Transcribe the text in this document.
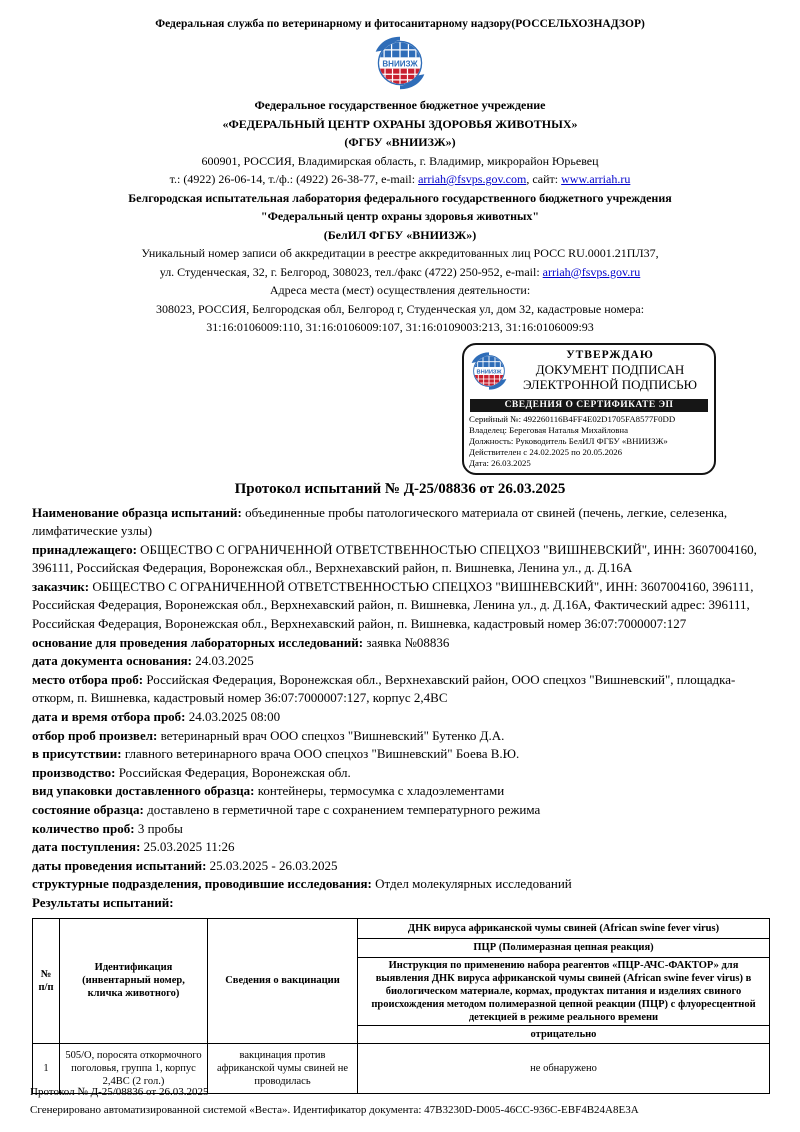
Федеральная служба по ветеринарному и фитосанитарному надзору(РОССЕЛЬХОЗНАДЗОР)
ВНИИЗЖ
Федеральное государственное бюджетное учреждение
«ФЕДЕРАЛЬНЫЙ ЦЕНТР ОХРАНЫ ЗДОРОВЬЯ ЖИВОТНЫХ»
(ФГБУ «ВНИИЗЖ»)
600901, РОССИЯ, Владимирская область, г. Владимир, микрорайон Юрьевец
т.: (4922) 26-06-14, т./ф.: (4922) 26-38-77, e-mail: arriah@fsvps.gov.com, сайт: www.arriah.ru
Белгородская испытательная лаборатория федерального государственного бюджетного учреждения
"Федеральный центр охраны здоровья животных"
(БелИЛ ФГБУ «ВНИИЗЖ»)
Уникальный номер записи об аккредитации в реестре аккредитованных лиц РОСС RU.0001.21ПЛ37,
ул. Студенческая, 32, г. Белгород, 308023, тел./факс (4722) 250-952, e-mail: arriah@fsvps.gov.ru
Адреса места (мест) осуществления деятельности:
308023, РОССИЯ, Белгородская обл, Белгород г, Студенческая ул, дом 32, кадастровые номера:
31:16:0106009:110, 31:16:0106009:107, 31:16:0109003:213, 31:16:0106009:93
ВНИИЗЖ
УТВЕРЖДАЮ
ДОКУМЕНТ ПОДПИСАН
ЭЛЕКТРОННОЙ ПОДПИСЬЮ
СВЕДЕНИЯ О СЕРТИФИКАТЕ ЭП
Серийный №: 492260116B4FF4E02D1705FA8577F0DD
Владелец: Береговая Наталья Михайловна
Должность: Руководитель БелИЛ ФГБУ «ВНИИЗЖ»
Действителен с 24.02.2025 по 20.05.2026
Дата: 26.03.2025
Протокол испытаний № Д-25/08836 от 26.03.2025

Наименование образца испытаний: объединенные пробы патологического материала от свиней (печень, легкие, селезенка, лимфатические узлы)

принадлежащего: ОБЩЕСТВО С ОГРАНИЧЕННОЙ ОТВЕТСТВЕННОСТЬЮ СПЕЦХОЗ "ВИШНЕВСКИЙ", ИНН: 3607004160, 396111, Российская Федерация, Воронежская обл., Верхнехавский район, п. Вишневка, Ленина ул., д. Д.16А

заказчик: ОБЩЕСТВО С ОГРАНИЧЕННОЙ ОТВЕТСТВЕННОСТЬЮ СПЕЦХОЗ "ВИШНЕВСКИЙ", ИНН: 3607004160, 396111, Российская Федерация, Воронежская обл., Верхнехавский район, п. Вишневка, Ленина ул., д. Д.16А, Фактический адрес: 396111, Российская Федерация, Воронежская обл., Верхнехавский район, п. Вишневка, кадастровый номер 36:07:7000007:127

основание для проведения лабораторных исследований: заявка №08836

дата документа основания: 24.03.2025

место отбора проб: Российская Федерация, Воронежская обл., Верхнехавский район, ООО спецхоз "Вишневский", площадка-откорм, п. Вишневка, кадастровый номер 36:07:7000007:127, корпус 2,4ВС

дата и время отбора проб: 24.03.2025 08:00

отбор проб произвел: ветеринарный врач ООО спецхоз "Вишневский" Бутенко Д.А.

в присутствии: главного ветеринарного врача ООО спецхоз "Вишневский" Боева В.Ю.

производство: Российская Федерация, Воронежская обл.

вид упаковки доставленного образца: контейнеры, термосумка с хладоэлементами

состояние образца: доставлено в герметичной таре с сохранением температурного режима

количество проб: 3 пробы

дата поступления: 25.03.2025 11:26

даты проведения испытаний: 25.03.2025 - 26.03.2025

структурные подразделения, проводившие исследования: Отдел молекулярных исследований

Результаты испытаний:

№ п/п	Идентификация (инвентарный номер, кличка животного)	Сведения о вакцинации	ДНК вируса африканской чумы свиней (African swine fever virus)
			ПЦР (Полимеразная цепная реакция)
			Инструкция по применению набора реагентов «ПЦР-АЧС-ФАКТОР» для выявления ДНК вируса африканской чумы свиней (African swine fever virus) в биологическом материале, кормах, продуктах питания и изделиях свиного происхождения методом полимеразной цепной реакции (ПЦР) с флуоресцентной детекцией в режиме реального времени
			отрицательно
1	505/О, поросята откормочного поголовья, группа 1, корпус 2,4ВС (2 гол.)	вакцинация против африканской чумы свиней не проводилась	не обнаружено
Протокол № Д-25/08836 от 26.03.2025
Сгенерировано автоматизированной системой «Веста». Идентификатор документа: 47B3230D-D005-46CC-936C-EBF4B24A8E3A
